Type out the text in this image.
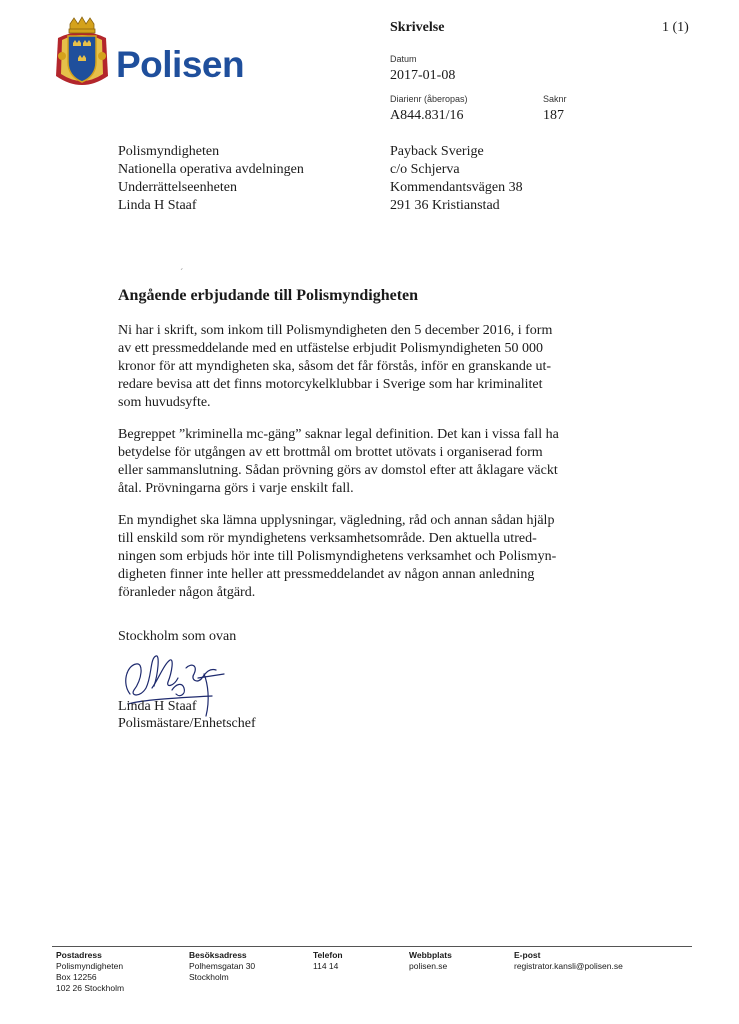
Polisen
Skrivelse	1 (1)
Datum
2017-01-08
Diarienr (åberopas)
A844.831/16
Saknr
187
Polismyndigheten
Nationella operativa avdelningen
Underrättelseenheten
Linda H Staaf
Payback Sverige
c/o Schjerva
Kommendantsvägen 38
291 36 Kristianstad
ˊ
Angående erbjudande till Polismyndigheten
Ni har i skrift, som inkom till Polismyndigheten den 5 december 2016, i form
av ett pressmeddelande med en utfästelse erbjudit Polismyndigheten 50 000
kronor för att myndigheten ska, såsom det får förstås, inför en granskande ut-
redare bevisa att det finns motorcykelklubbar i Sverige som har kriminalitet
som huvudsyfte.
Begreppet ”kriminella mc-gäng” saknar legal definition. Det kan i vissa fall ha
betydelse för utgången av ett brottmål om brottet utövats i organiserad form
eller sammanslutning. Sådan prövning görs av domstol efter att åklagare väckt
åtal. Prövningarna görs i varje enskilt fall.
En myndighet ska lämna upplysningar, vägledning, råd och annan sådan hjälp
till enskild som rör myndighetens verksamhetsområde. Den aktuella utred-
ningen som erbjuds hör inte till Polismyndighetens verksamhet och Polismyn-
digheten finner inte heller att pressmeddelandet av någon annan anledning
föranleder någon åtgärd.
Stockholm som ovan
Linda H Staaf
Polismästare/Enhetschef
Postadress
Polismyndigheten
Box 12256
102 26 Stockholm
Besöksadress
Polhemsgatan 30
Stockholm
Telefon
114 14
Webbplats
polisen.se
E-post
registrator.kansli@polisen.se
